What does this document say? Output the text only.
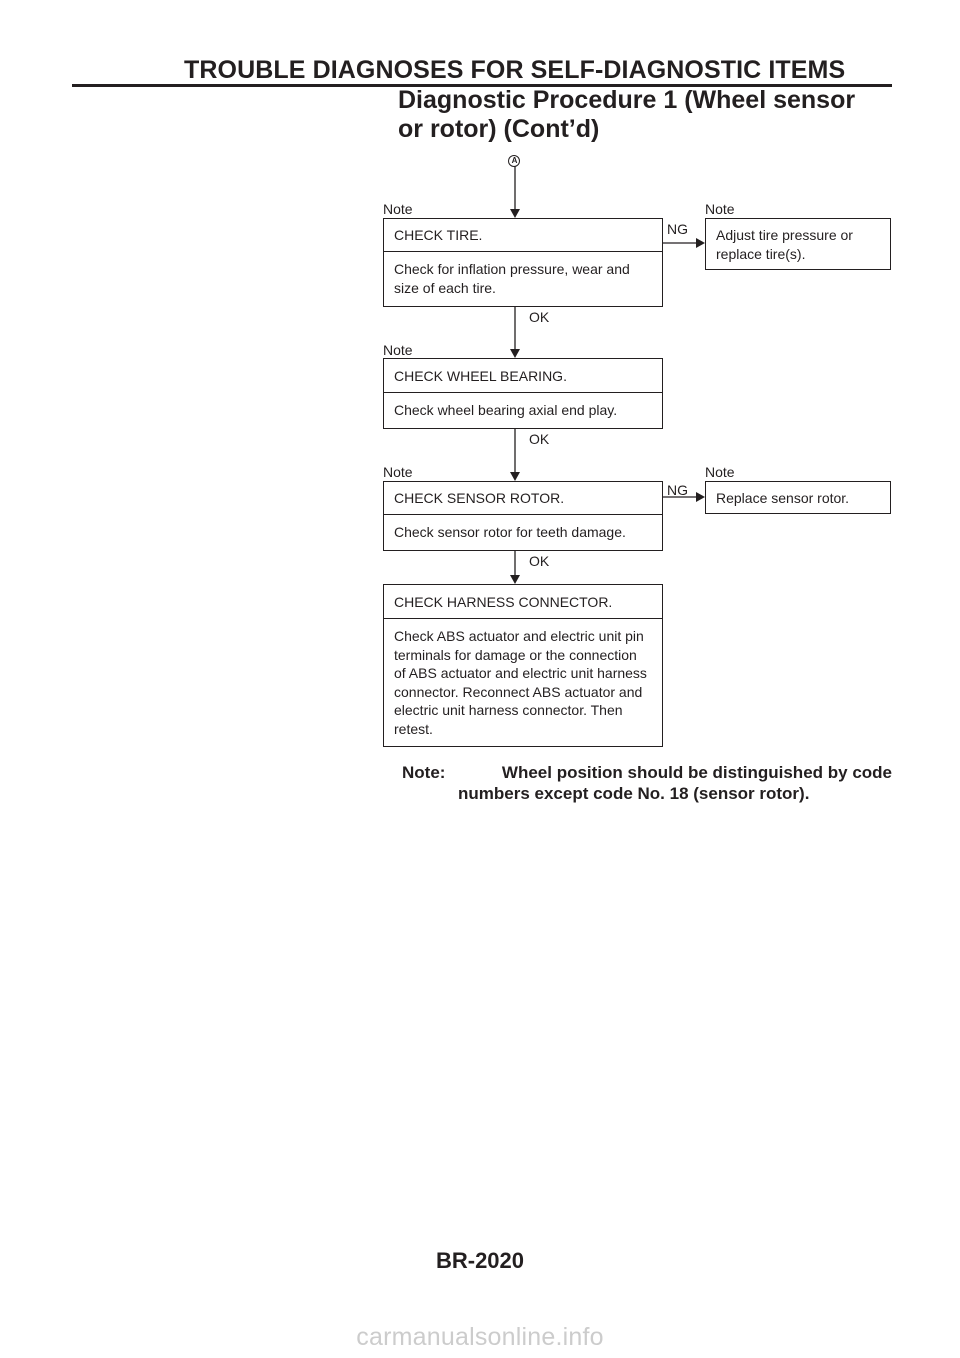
TROUBLE DIAGNOSES FOR SELF-DIAGNOSTIC ITEMS
Diagnostic Procedure 1 (Wheel sensor or rotor) (Cont’d)
A
Note	Note
CHECK TIRE.
Check for inflation pressure, wear and size of each tire.
NG	Adjust tire pressure or replace tire(s).
OK
Note
CHECK WHEEL BEARING.
Check wheel bearing axial end play.
OK
Note	Note
CHECK SENSOR ROTOR.
Check sensor rotor for teeth damage.
NG	Replace sensor rotor.
OK
CHECK HARNESS CONNECTOR.
Check ABS actuator and electric unit pin terminals for damage or the connection of ABS actuator and electric unit harness connector. Reconnect ABS actuator and electric unit harness connector. Then retest.
Note:	Wheel position should be distinguished by code
numbers except code No. 18 (sensor rotor).
BR-2020
carmanualsonline.info
